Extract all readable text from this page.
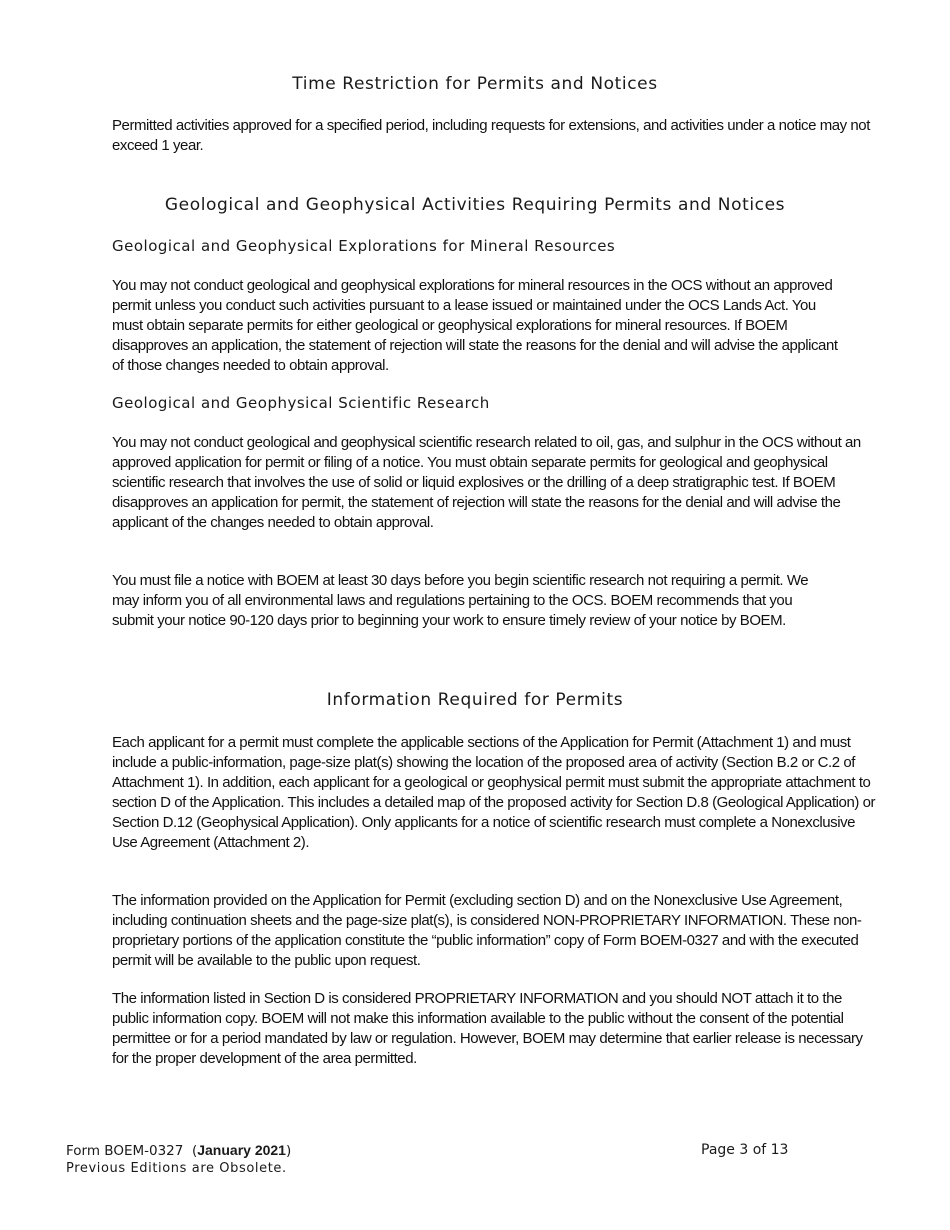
Time Restriction for Permits and Notices

Permitted activities approved for a specified period, including requests for extensions, and activities under a notice may not exceed 1 year.

Geological and Geophysical Activities Requiring Permits and Notices
Geological and Geophysical Explorations for Mineral Resources

You may not conduct geological and geophysical explorations for mineral resources in the OCS without an approved permit unless you conduct such activities pursuant to a lease issued or maintained under the OCS Lands Act. You must obtain separate permits for either geological or geophysical explorations for mineral resources. If BOEM disapproves an application, the statement of rejection will state the reasons for the denial and will advise the applicant of those changes needed to obtain approval.

Geological and Geophysical Scientific Research

You may not conduct geological and geophysical scientific research related to oil, gas, and sulphur in the OCS without an approved application for permit or filing of a notice. You must obtain separate permits for geological and geophysical scientific research that involves the use of solid or liquid explosives or the drilling of a deep stratigraphic test. If BOEM disapproves an application for permit, the statement of rejection will state the reasons for the denial and will advise the applicant of the changes needed to obtain approval.

You must file a notice with BOEM at least 30 days before you begin scientific research not requiring a permit. We may inform you of all environmental laws and regulations pertaining to the OCS. BOEM recommends that you submit your notice 90-120 days prior to beginning your work to ensure timely review of your notice by BOEM.

Information Required for Permits

Each applicant for a permit must complete the applicable sections of the Application for Permit (Attachment 1) and must include a public-information, page-size plat(s) showing the location of the proposed area of activity (Section B.2 or C.2 of Attachment 1). In addition, each applicant for a geological or geophysical permit must submit the appropriate attachment to section D of the Application. This includes a detailed map of the proposed activity for Section D.8 (Geological Application) or Section D.12 (Geophysical Application). Only applicants for a notice of scientific research must complete a Nonexclusive Use Agreement (Attachment 2).

The information provided on the Application for Permit (excluding section D) and on the Nonexclusive Use Agreement, including continuation sheets and the page-size plat(s), is considered NON-PROPRIETARY INFORMATION. These non-proprietary portions of the application constitute the “public information” copy of Form BOEM-0327 and with the executed permit will be available to the public upon request.

The information listed in Section D is considered PROPRIETARY INFORMATION and you should NOT attach it to the public information copy. BOEM will not make this information available to the public without the consent of the potential permittee or for a period mandated by law or regulation. However, BOEM may determine that earlier release is necessary for the proper development of the area permitted.

Form BOEM-0327 (January 2021)
Previous Editions are Obsolete.
Page 3 of 13
